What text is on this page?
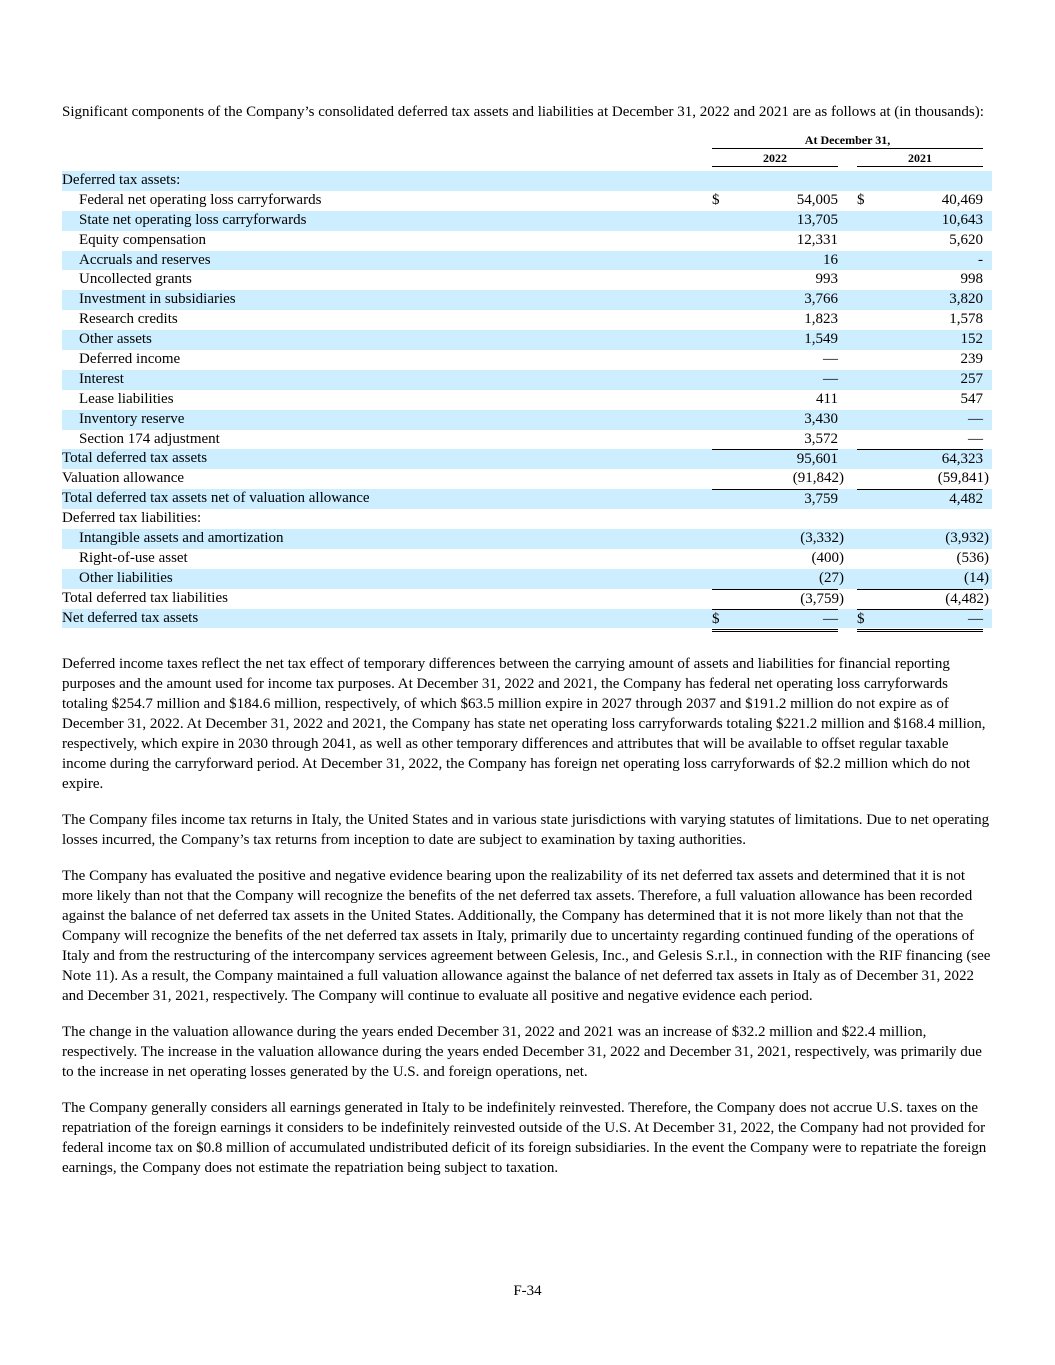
Significant components of the Company’s consolidated deferred tax assets and liabilities at December 31, 2022 and 2021 are as follows at (in thousands):

At December 31,
2022	2021
Deferred tax assets:
Federal net operating loss carryforwards	$	54,005 $	40,469
State net operating loss carryforwards	13,705	10,643
Equity compensation	12,331	5,620
Accruals and reserves	16	-
Uncollected grants	993	998
Investment in subsidiaries	3,766	3,820
Research credits	1,823	1,578
Other assets	1,549	152
Deferred income	—	239
Interest	—	257
Lease liabilities	411	547
Inventory reserve	3,430	—
Section 174 adjustment	3,572	—
Total deferred tax assets	95,601	64,323
Valuation allowance	(91,842)	(59,841)
Total deferred tax assets net of valuation allowance	3,759	4,482
Deferred tax liabilities:
Intangible assets and amortization	(3,332)	(3,932)
Right-of-use asset	(400)	(536)
Other liabilities	(27)	(14)
Total deferred tax liabilities	(3,759)	(4,482)
Net deferred tax assets	$	— $	—

Deferred income taxes reflect the net tax effect of temporary differences between the carrying amount of assets and liabilities for financial reporting purposes and the amount used for income tax purposes. At December 31, 2022 and 2021, the Company has federal net operating loss carryforwards totaling $254.7 million and $184.6 million, respectively, of which $63.5 million expire in 2027 through 2037 and $191.2 million do not expire as of December 31, 2022. At December 31, 2022 and 2021, the Company has state net operating loss carryforwards totaling $221.2 million and $168.4 million, respectively, which expire in 2030 through 2041, as well as other temporary differences and attributes that will be available to offset regular taxable income during the carryforward period. At December 31, 2022, the Company has foreign net operating loss carryforwards of $2.2 million which do not expire.

The Company files income tax returns in Italy, the United States and in various state jurisdictions with varying statutes of limitations. Due to net operating losses incurred, the Company’s tax returns from inception to date are subject to examination by taxing authorities.

The Company has evaluated the positive and negative evidence bearing upon the realizability of its net deferred tax assets and determined that it is not more likely than not that the Company will recognize the benefits of the net deferred tax assets. Therefore, a full valuation allowance has been recorded against the balance of net deferred tax assets in the United States. Additionally, the Company has determined that it is not more likely than not that the Company will recognize the benefits of the net deferred tax assets in Italy, primarily due to uncertainty regarding continued funding of the operations of Italy and from the restructuring of the intercompany services agreement between Gelesis, Inc., and Gelesis S.r.l., in connection with the RIF financing (see Note 11). As a result, the Company maintained a full valuation allowance against the balance of net deferred tax assets in Italy as of December 31, 2022 and December 31, 2021, respectively. The Company will continue to evaluate all positive and negative evidence each period.

The change in the valuation allowance during the years ended December 31, 2022 and 2021 was an increase of $32.2 million and $22.4 million, respectively. The increase in the valuation allowance during the years ended December 31, 2022 and December 31, 2021, respectively, was primarily due to the increase in net operating losses generated by the U.S. and foreign operations, net.

The Company generally considers all earnings generated in Italy to be indefinitely reinvested. Therefore, the Company does not accrue U.S. taxes on the repatriation of the foreign earnings it considers to be indefinitely reinvested outside of the U.S. At December 31, 2022, the Company had not provided for federal income tax on $0.8 million of accumulated undistributed deficit of its foreign subsidiaries. In the event the Company were to repatriate the foreign earnings, the Company does not estimate the repatriation being subject to taxation.

F-34
